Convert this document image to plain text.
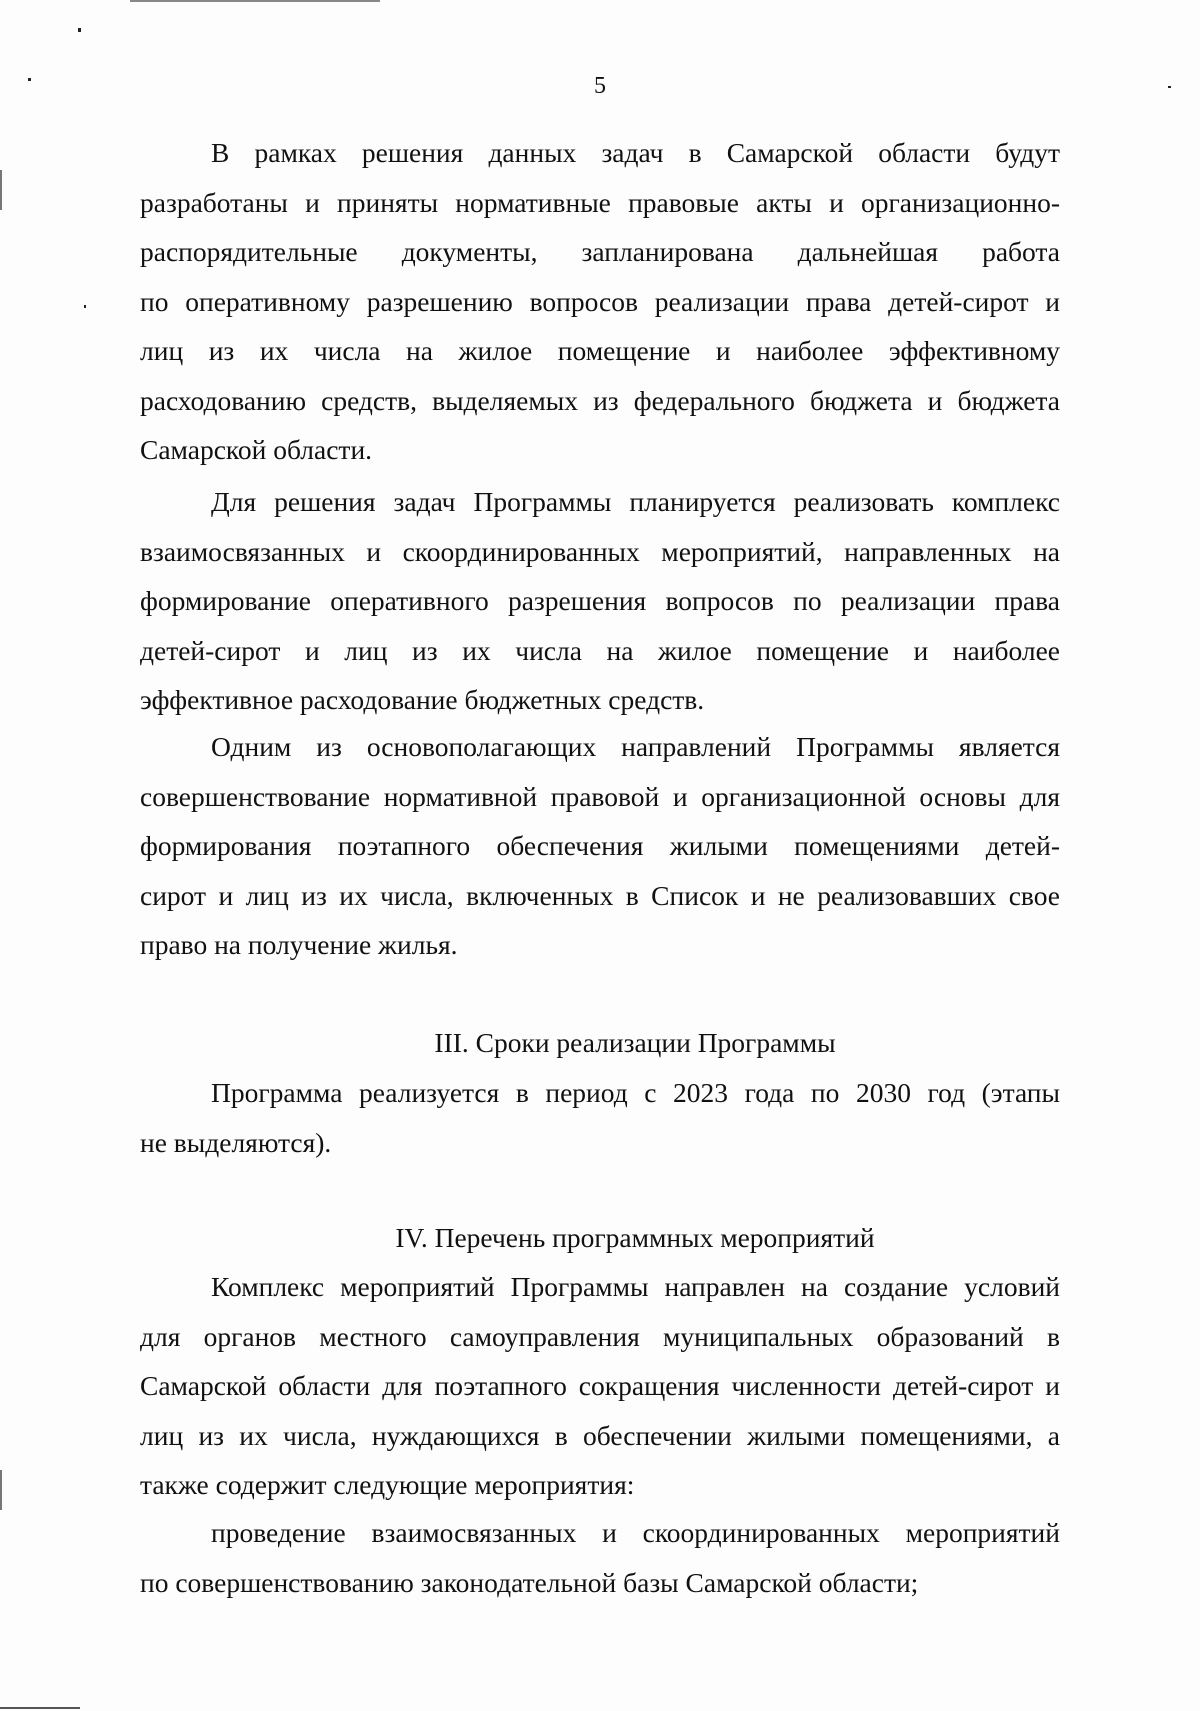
5
В рамках решения данных задач в Самарской области будут
разработаны и приняты нормативные правовые акты и организационно-
распорядительные документы, запланирована дальнейшая работа
по оперативному разрешению вопросов реализации права детей-сирот и
лиц из их числа на жилое помещение и наиболее эффективному
расходованию средств, выделяемых из федерального бюджета и бюджета
Самарской области.
Для решения задач Программы планируется реализовать комплекс
взаимосвязанных и скоординированных мероприятий, направленных на
формирование оперативного разрешения вопросов по реализации права
детей-сирот и лиц из их числа на жилое помещение и наиболее
эффективное расходование бюджетных средств.
Одним из основополагающих направлений Программы является
совершенствование нормативной правовой и организационной основы для
формирования поэтапного обеспечения жилыми помещениями детей-
сирот и лиц из их числа, включенных в Список и не реализовавших свое
право на получение жилья.
III. Сроки реализации Программы
Программа реализуется в период с 2023 года по 2030 год (этапы
не выделяются).
IV. Перечень программных мероприятий
Комплекс мероприятий Программы направлен на создание условий
для органов местного самоуправления муниципальных образований в
Самарской области для поэтапного сокращения численности детей-сирот и
лиц из их числа, нуждающихся в обеспечении жилыми помещениями, а
также содержит следующие мероприятия:
проведение взаимосвязанных и скоординированных мероприятий
по совершенствованию законодательной базы Самарской области;
